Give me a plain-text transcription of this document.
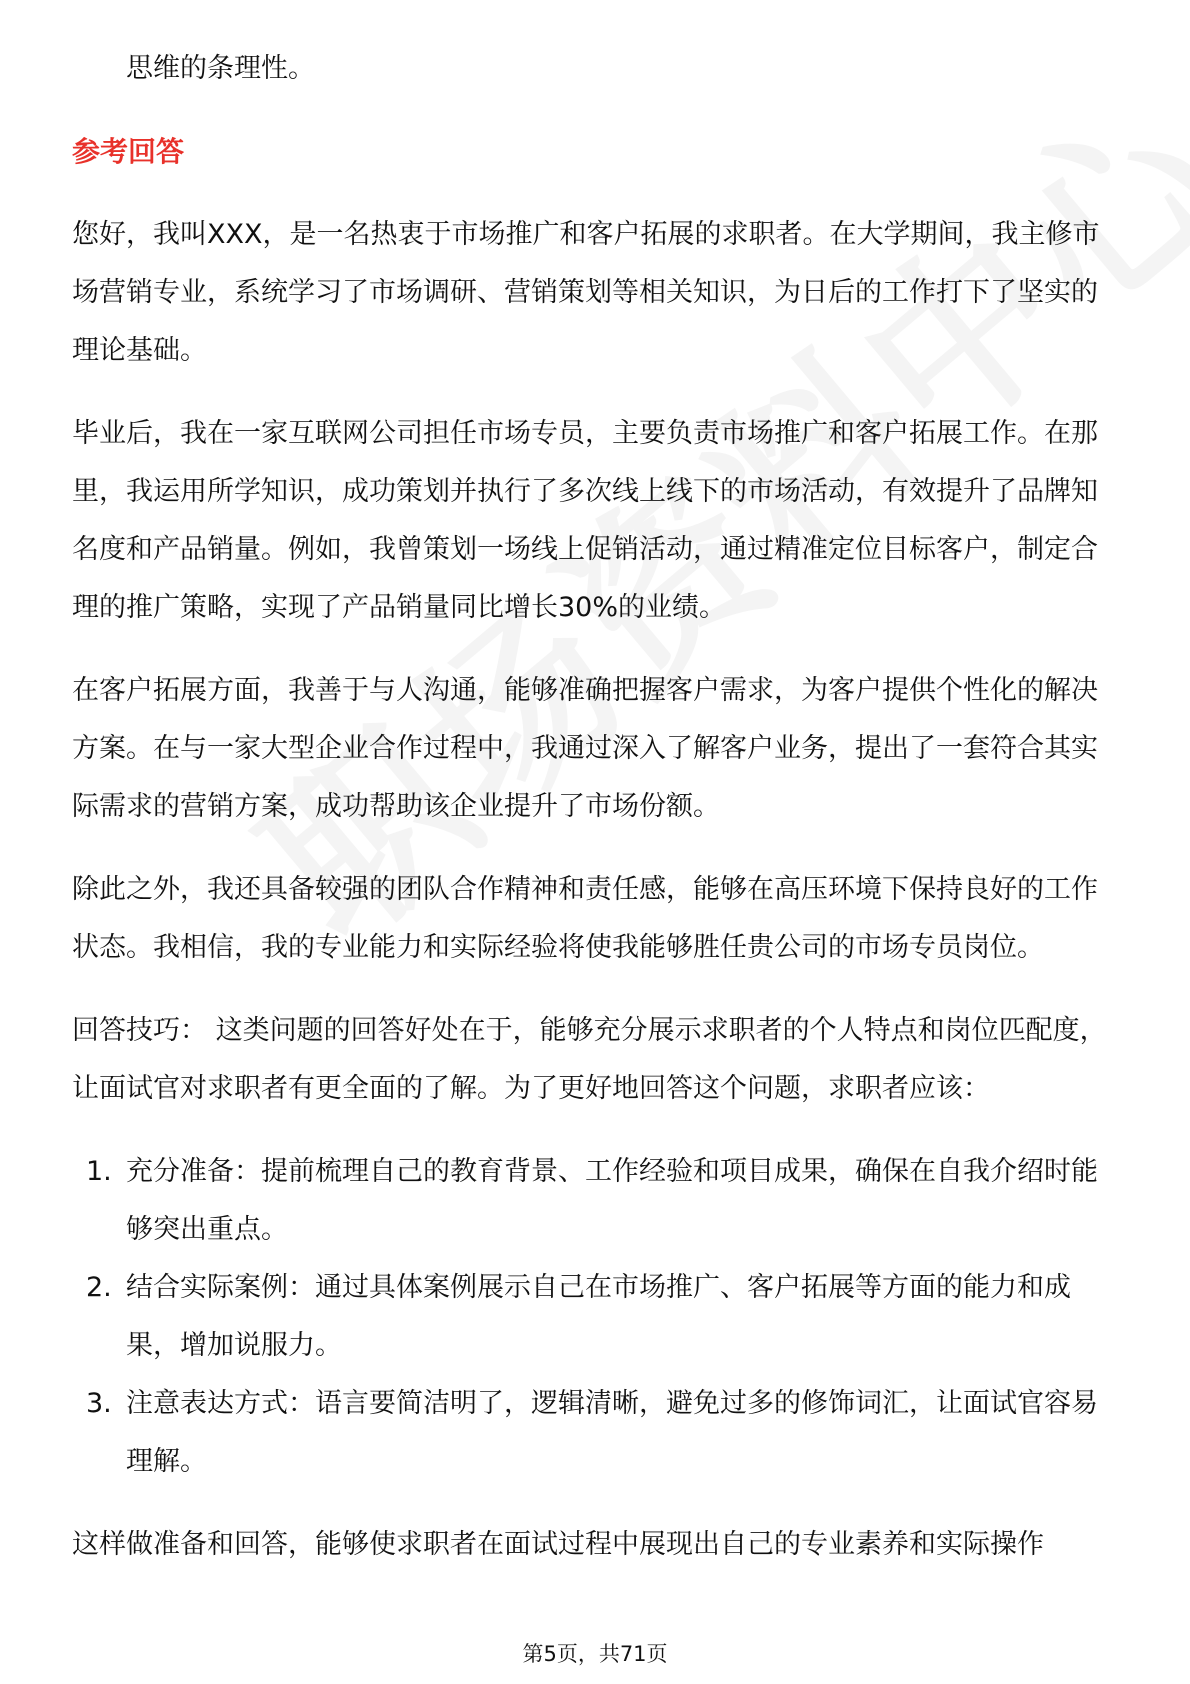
思维的条理性。

参考回答

您好，我叫XXX，是一名热衷于市场推广和客户拓展的求职者。在大学期间，我主修市场营销专业，系统学习了市场调研、营销策划等相关知识，为日后的工作打下了坚实的理论基础。

毕业后，我在一家互联网公司担任市场专员，主要负责市场推广和客户拓展工作。在那里，我运用所学知识，成功策划并执行了多次线上线下的市场活动，有效提升了品牌知名度和产品销量。例如，我曾策划一场线上促销活动，通过精准定位目标客户，制定合理的推广策略，实现了产品销量同比增长30%的业绩。

在客户拓展方面，我善于与人沟通，能够准确把握客户需求，为客户提供个性化的解决方案。在与一家大型企业合作过程中，我通过深入了解客户业务，提出了一套符合其实际需求的营销方案，成功帮助该企业提升了市场份额。

除此之外，我还具备较强的团队合作精神和责任感，能够在高压环境下保持良好的工作状态。我相信，我的专业能力和实际经验将使我能够胜任贵公司的市场专员岗位。

回答技巧： 这类问题的回答好处在于，能够充分展示求职者的个人特点和岗位匹配度，让面试官对求职者有更全面的了解。为了更好地回答这个问题，求职者应该：

1. 充分准备：提前梳理自己的教育背景、工作经验和项目成果，确保在自我介绍时能够突出重点。
2. 结合实际案例：通过具体案例展示自己在市场推广、客户拓展等方面的能力和成果，增加说服力。
3. 注意表达方式：语言要简洁明了，逻辑清晰，避免过多的修饰词汇，让面试官容易理解。

这样做准备和回答，能够使求职者在面试过程中展现出自己的专业素养和实际操作

第5页，共71页
